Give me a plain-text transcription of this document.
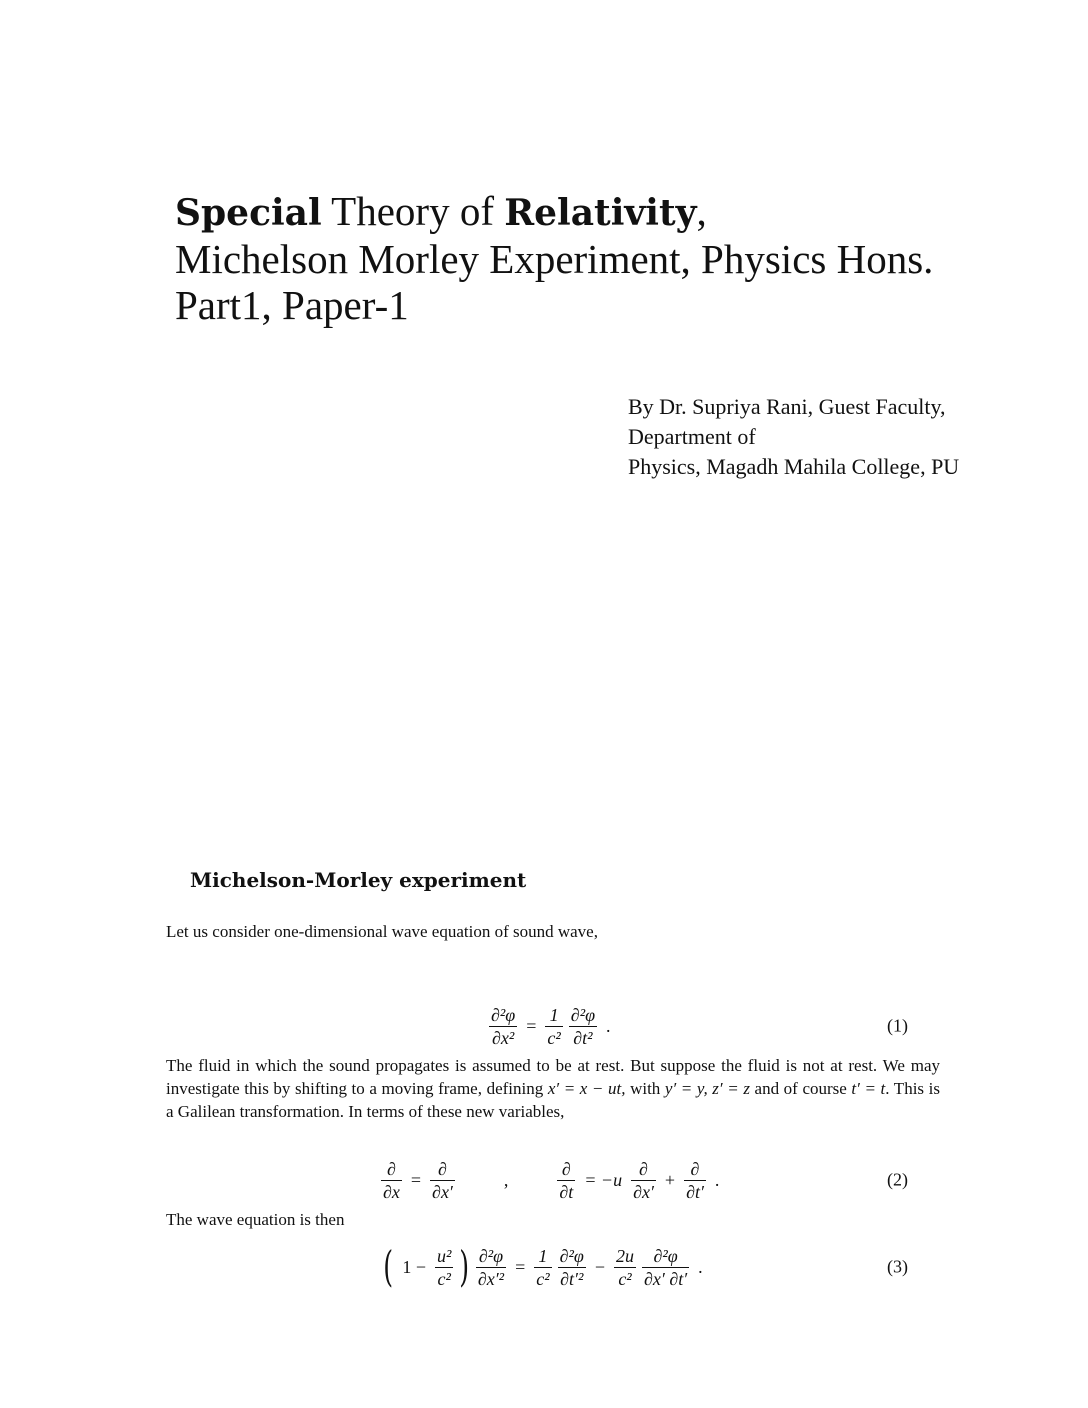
Special Theory of Relativity,
Michelson Morley Experiment, Physics Hons.
Part1, Paper-1
By Dr. Supriya Rani, Guest Faculty,
Department of
Physics, Magadh Mahila College, PU
Michelson-Morley experiment
Let us consider one-dimensional wave equation of sound wave,
$\frac{\text{∂²φ}}{\text{∂x²}} = \frac{1}{\text{c²}} \frac{\text{∂²φ}}{\text{∂t²}}$ .	(1)
The fluid in which the sound propagates is assumed to be at rest. But suppose the fluid is not at rest. We may investigate this by shifting to a moving frame, defining x′ = x − ut, with y′ = y, z′ = z and of course t′ = t. This is a Galilean transformation. In terms of these new variables,
$\frac{\partial}{\partial x} = \frac{\partial}{\partial x'}$	,	$\frac{\partial}{\partial t} = -u \frac{\partial}{\partial x'} + \frac{\partial}{\partial t'}$ .	(2)
The wave equation is then
( $1 - \frac{\text{u²}}{\text{c²}}$ ) $\frac{\text{∂²φ}}{\text{∂x′²}} = \frac{1}{\text{c²}} \frac{\text{∂²φ}}{\text{∂t′²}} - \frac{2u}{\text{c²}} \frac{\text{∂²φ}}{\partial x' \partial t'}$ .	(3)
